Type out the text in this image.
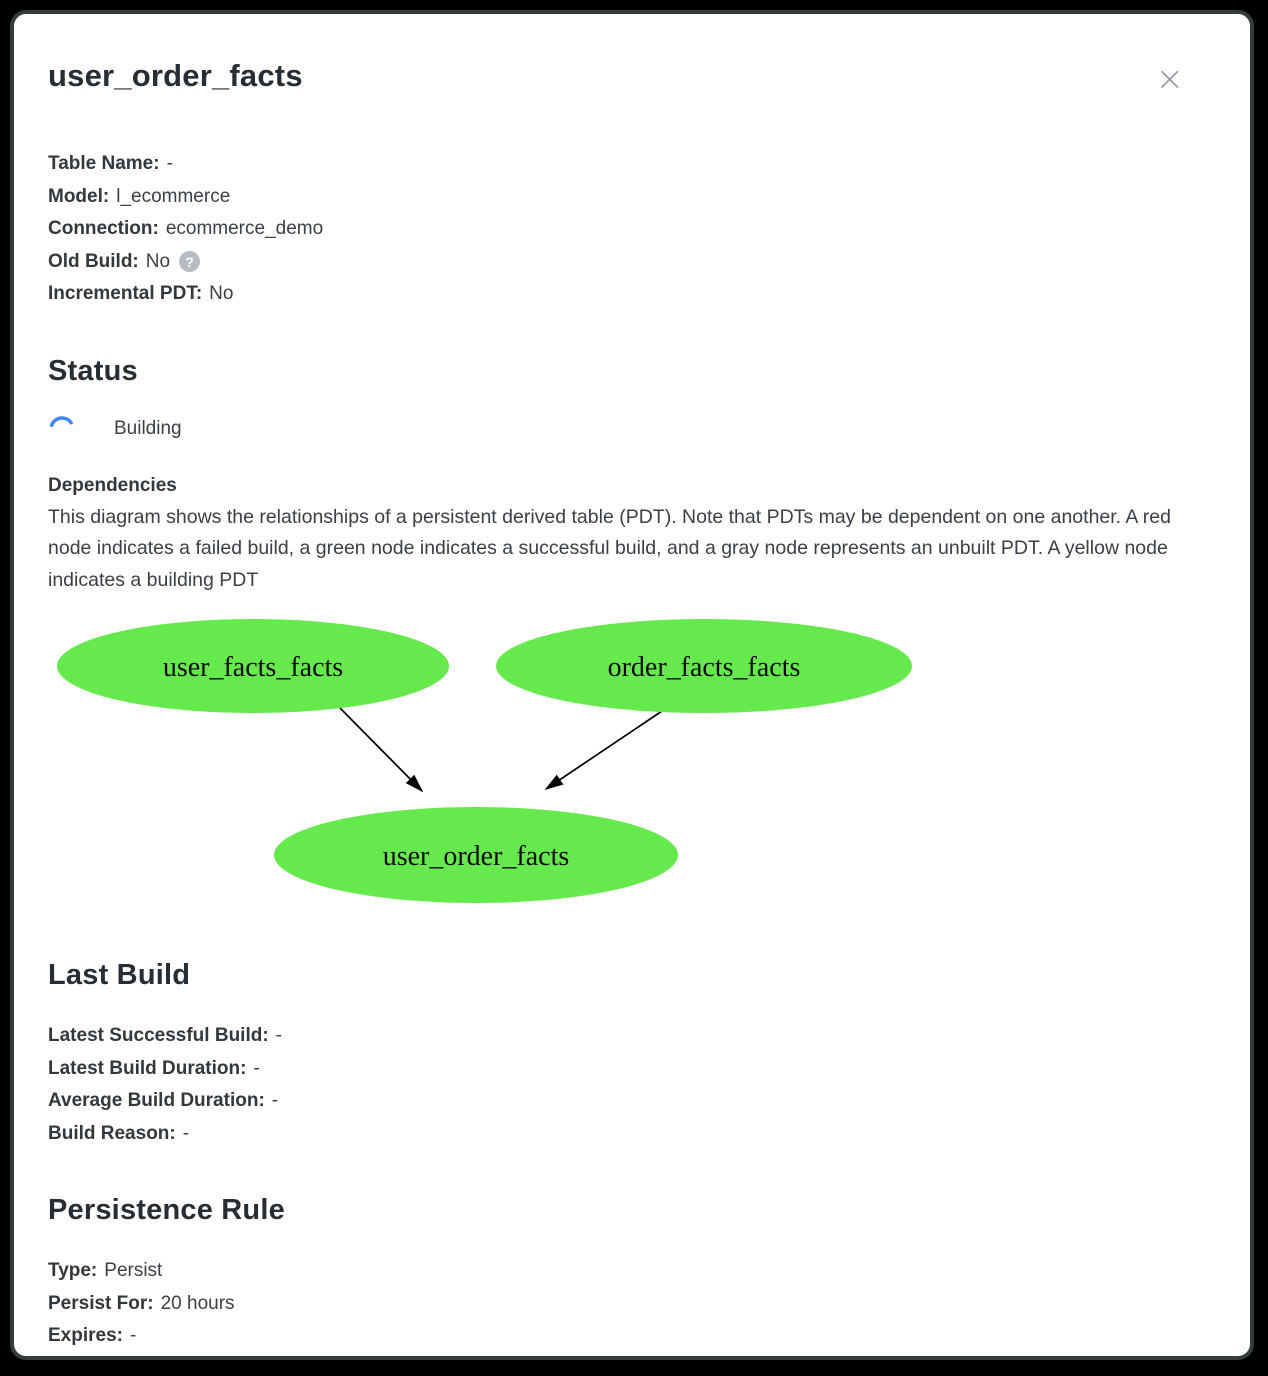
user_order_facts	×
Table Name: -
Model: l_ecommerce
Connection: ecommerce_demo
Old Build: No	?
Incremental PDT: No
Status
Building
Dependencies

This diagram shows the relationships of a persistent derived table (PDT). Note that PDTs may be dependent on one another. A red node indicates a failed build, a green node indicates a successful build, and a gray node represents an unbuilt PDT. A yellow node indicates a building PDT

user_facts_facts	order_facts_facts
user_order_facts
Last Build
Latest Successful Build: -
Latest Build Duration: -
Average Build Duration: -
Build Reason: -
Persistence Rule
Type: Persist
Persist For: 20 hours
Expires: -
